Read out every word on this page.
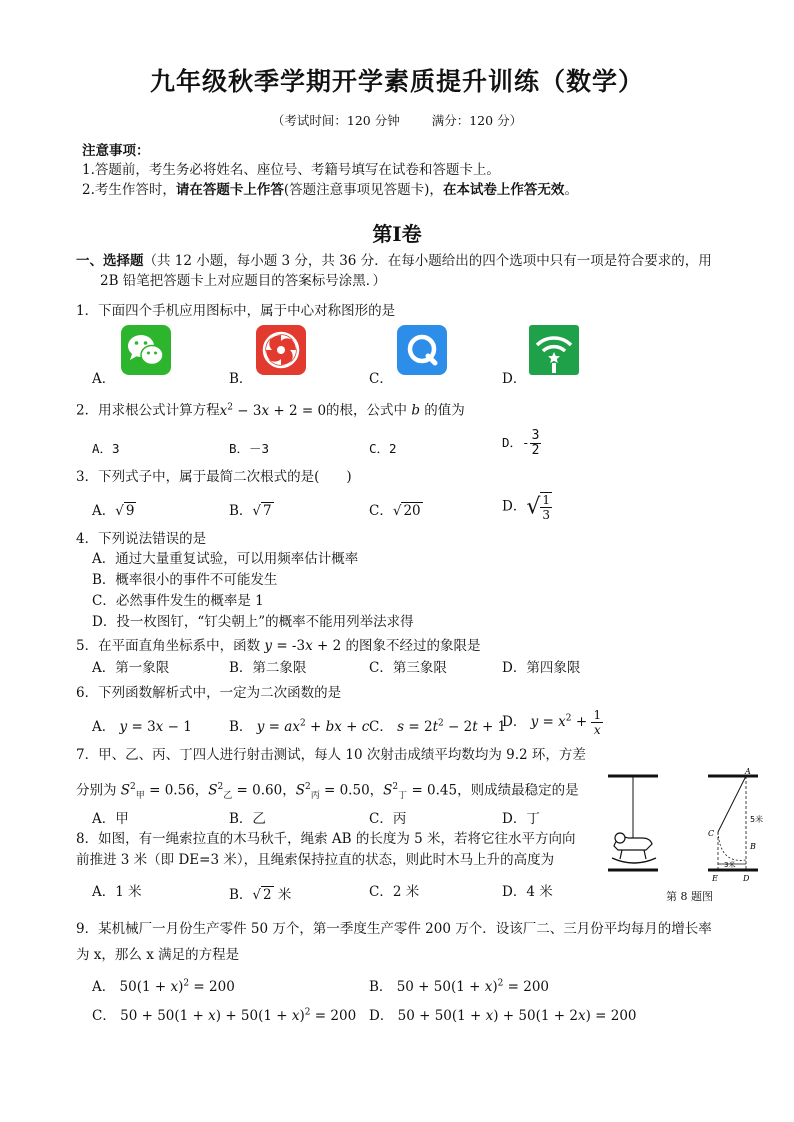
九年级秋季学期开学素质提升训练（数学）
（考试时间：120 分钟	满分：120 分）
注意事项：
1.答题前，考生务必将姓名、座位号、考籍号填写在试卷和答题卡上。
2.考生作答时，请在答题卡上作答(答题注意事项见答题卡)，在本试卷上作答无效。
第Ⅰ卷
一、选择题（共 12 小题，每小题 3 分，共 36 分．在每小题给出的四个选项中只有一项是符合要求的，用
2B 铅笔把答题卡上对应题目的答案标号涂黑．）
1．下面四个手机应用图标中，属于中心对称图形的是
A．	B．	C．	D．
2．用求根公式计算方程$x^2 - 3x + 2 = 0$的根，公式中 b 的值为
A．3	B．－3	C．2	D．- $\frac{3}{2}$
3．下列式子中，属于最简二次根式的是(　　)
A．√ 9	B．√ 7	C．√ 20	D．√ $\frac{1}{3}$
4．下列说法错误的是
A．通过大量重复试验，可以用频率估计概率
B．概率很小的事件不可能发生
C．必然事件发生的概率是 1
D．投一枚图钉，“钉尖朝上”的概率不能用列举法求得
5．在平面直角坐标系中，函数 y = -3x + 2 的图象不经过的象限是
A．第一象限	B．第二象限	C．第三象限	D．第四象限
6．下列函数解析式中，一定为二次函数的是
A． y = 3x − 1	B． $y = ax^2$ + bx + c C． $s = 2t^2 - 2t + 1$
D． $y = x^2 + \frac{1}{x}$
7．甲、乙、丙、丁四人进行射击测试，每人 10 次射击成绩平均数均为 9.2 环，方差
分别为 $S^2_甲 = 0.56$，$S^2_乙 = 0.60$，$S^2_丙 = 0.50$，$S^2_丁 = 0.45$，则成绩最稳定的是
A．甲	B．乙	C．丙	D．丁
8．如图，有一绳索拉直的木马秋千，绳索 AB 的长度为 5 米，若将它往水平方向向
前推进 3 米（即 DE=3 米），且绳索保持拉直的状态，则此时木马上升的高度为
A．1 米	B．√ 2 米	C．2 米	D．4 米
A
5米
C
B
3米
E	D
第 8 题图
9．某机械厂一月份生产零件 50 万个，第一季度生产零件 200 万个．设该厂二、三月份平均每月的增长率
为 x，那么 x 满足的方程是
A． $50(1 + x)^2 = 200$	B． $50 + 50(1 + x)^2 = 200$
C． $50 + 50(1 + x) + 50(1 + x)^2 = 200$ D． 50 + 50(1 + x) + 50(1 + 2x) = 200
